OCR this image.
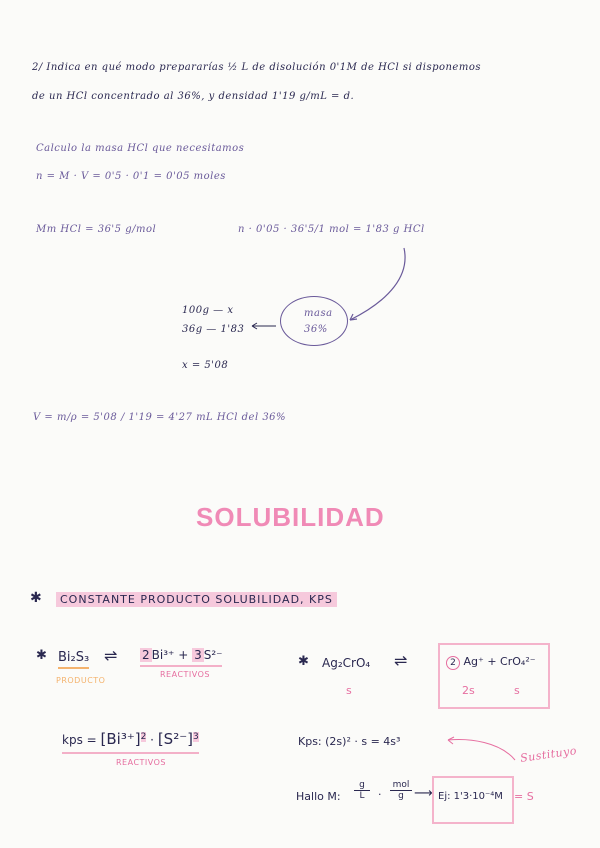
2/ Indica en qué modo prepararías ½ L de disolución 0'1M de HCl si disponemos
de un HCl concentrado al 36%, y densidad 1'19 g/mL = d.
Calculo la masa HCl que necesitamos
n = M · V = 0'5 · 0'1 = 0'05 moles
Mm HCl = 36'5 g/mol	n · 0'05 · 36'5/1 mol = 1'83 g HCl
100g — x
36g — 1'83
masa
36%
x = 5'08
V = m/ρ = 5'08 / 1'19 = 4'27 mL HCl del 36%
SOLUBILIDAD
✱	CONSTANTE PRODUCTO SOLUBILIDAD, KPS
✱ Bi₂S₃ ⇌ 2 Bi³⁺ + 3 S²⁻
PRODUCTO
REACTIVOS
kps = $[Bi^{3+}]^2 \cdot [S^{2-}]^3$
REACTIVOS
✱ Ag₂CrO₄ ⇌	2 Ag⁺ + CrO₄²⁻
s	2s	s
Kps: (2s)² · s = 4s³
Sustituyo
Hallo M: $\frac{g}{L}$ ·
mol
g ⟶ Ej: 1'3·10⁻⁴M = S
